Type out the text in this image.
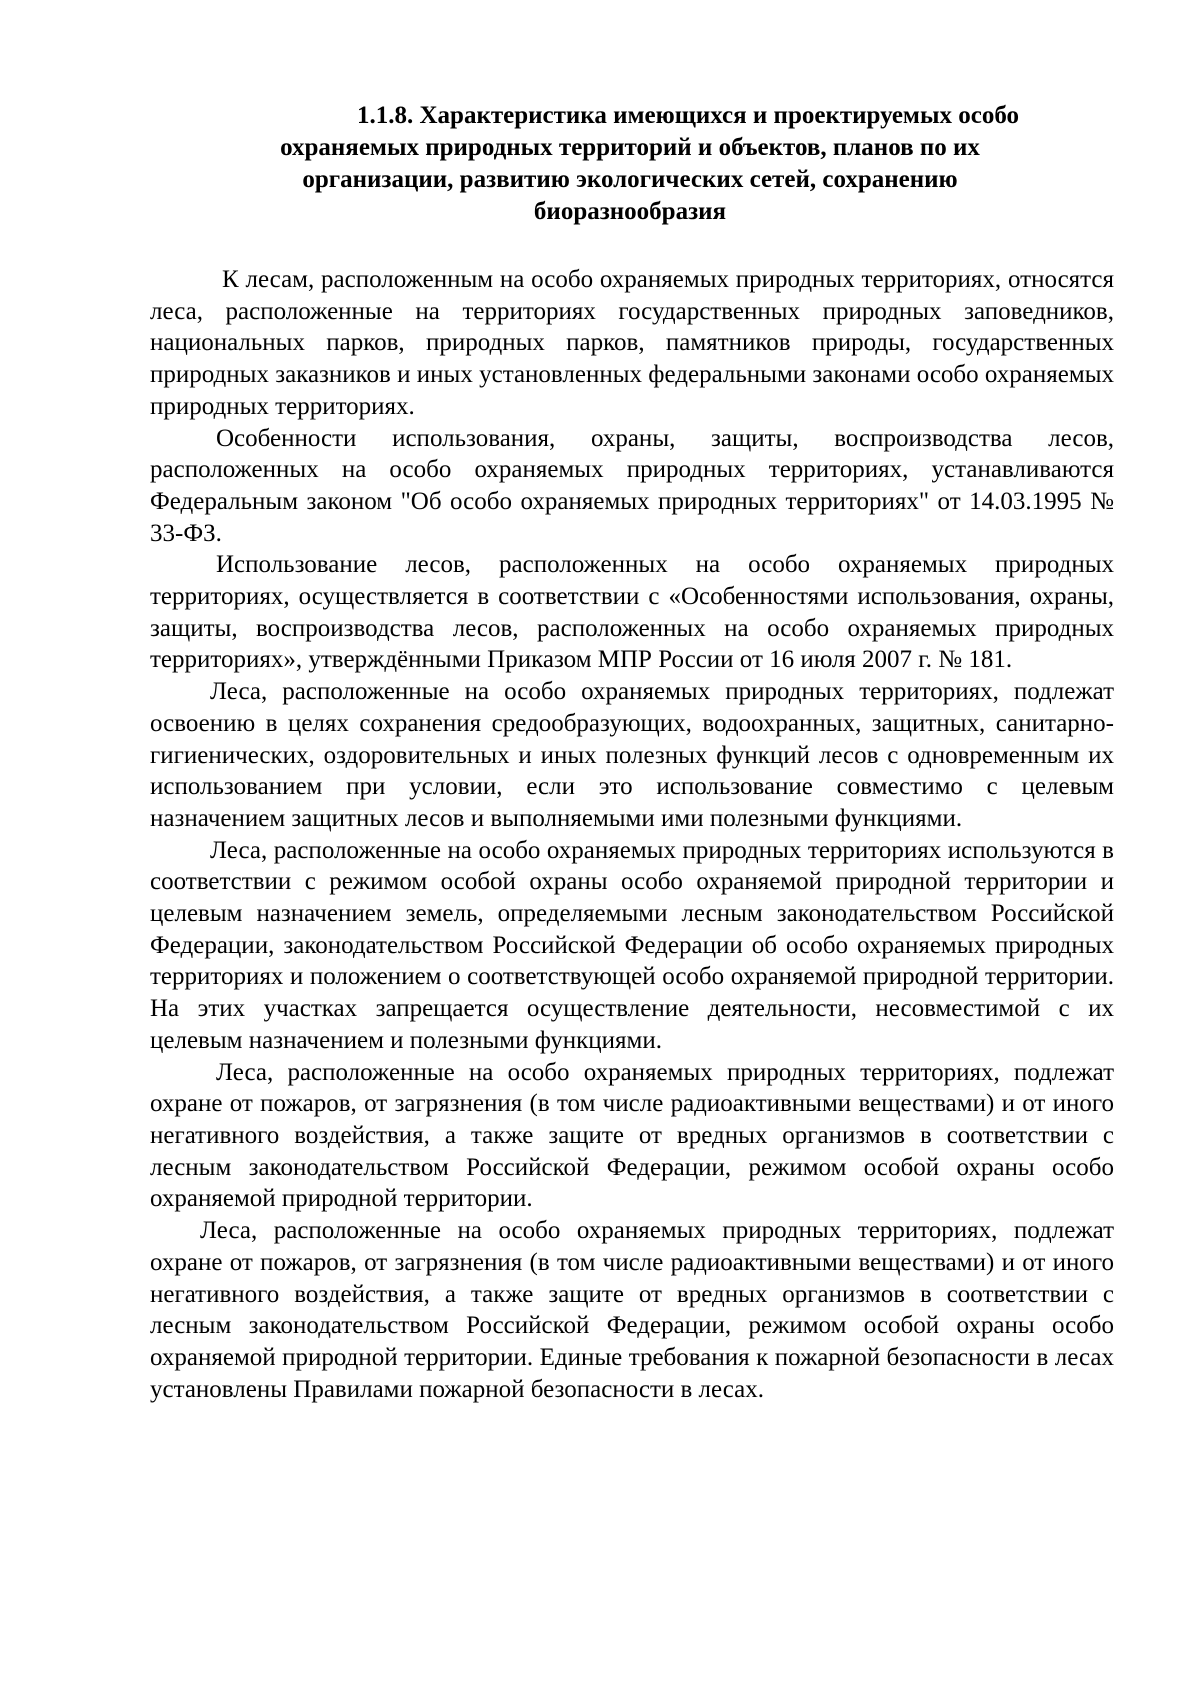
1.1.8. Характеристика имеющихся и проектируемых особо
охраняемых природных территорий и объектов, планов по их
организации, развитию экологических сетей, сохранению
биоразнообразия

К лесам, расположенным на особо охраняемых природных территориях, относятся леса, расположенные на территориях государственных природных заповедников, национальных парков, природных парков, памятников природы, государственных природных заказников и иных установленных федеральными законами особо охраняемых природных территориях.

Особенности использования, охраны, защиты, воспроизводства лесов, расположенных на особо охраняемых природных территориях, устанавливаются Федеральным законом "Об особо охраняемых природных территориях" от 14.03.1995 № 33-ФЗ.

Использование лесов, расположенных на особо охраняемых природных территориях, осуществляется в соответствии с «Особенностями использования, охраны, защиты, воспроизводства лесов, расположенных на особо охраняемых природных территориях», утверждёнными Приказом МПР России от 16 июля 2007 г. № 181.

Леса, расположенные на особо охраняемых природных территориях, подлежат освоению в целях сохранения средообразующих, водоохранных, защитных, санитарно-гигиенических, оздоровительных и иных полезных функций лесов с одновременным их использованием при условии, если это использование совместимо с целевым назначением защитных лесов и выполняемыми ими полезными функциями.

Леса, расположенные на особо охраняемых природных территориях используются в соответствии с режимом особой охраны особо охраняемой природной территории и целевым назначением земель, определяемыми лесным законодательством Российской Федерации, законодательством Российской Федерации об особо охраняемых природных территориях и положением о соответствующей особо охраняемой природной территории. На этих участках запрещается осуществление деятельности, несовместимой с их целевым назначением и полезными функциями.

Леса, расположенные на особо охраняемых природных территориях, подлежат охране от пожаров, от загрязнения (в том числе радиоактивными веществами) и от иного негативного воздействия, а также защите от вредных организмов в соответствии с лесным законодательством Российской Федерации, режимом особой охраны особо охраняемой природной территории.

Леса, расположенные на особо охраняемых природных территориях, подлежат охране от пожаров, от загрязнения (в том числе радиоактивными веществами) и от иного негативного воздействия, а также защите от вредных организмов в соответствии с лесным законодательством Российской Федерации, режимом особой охраны особо охраняемой природной территории. Единые требования к пожарной безопасности в лесах установлены Правилами пожарной безопасности в лесах.
